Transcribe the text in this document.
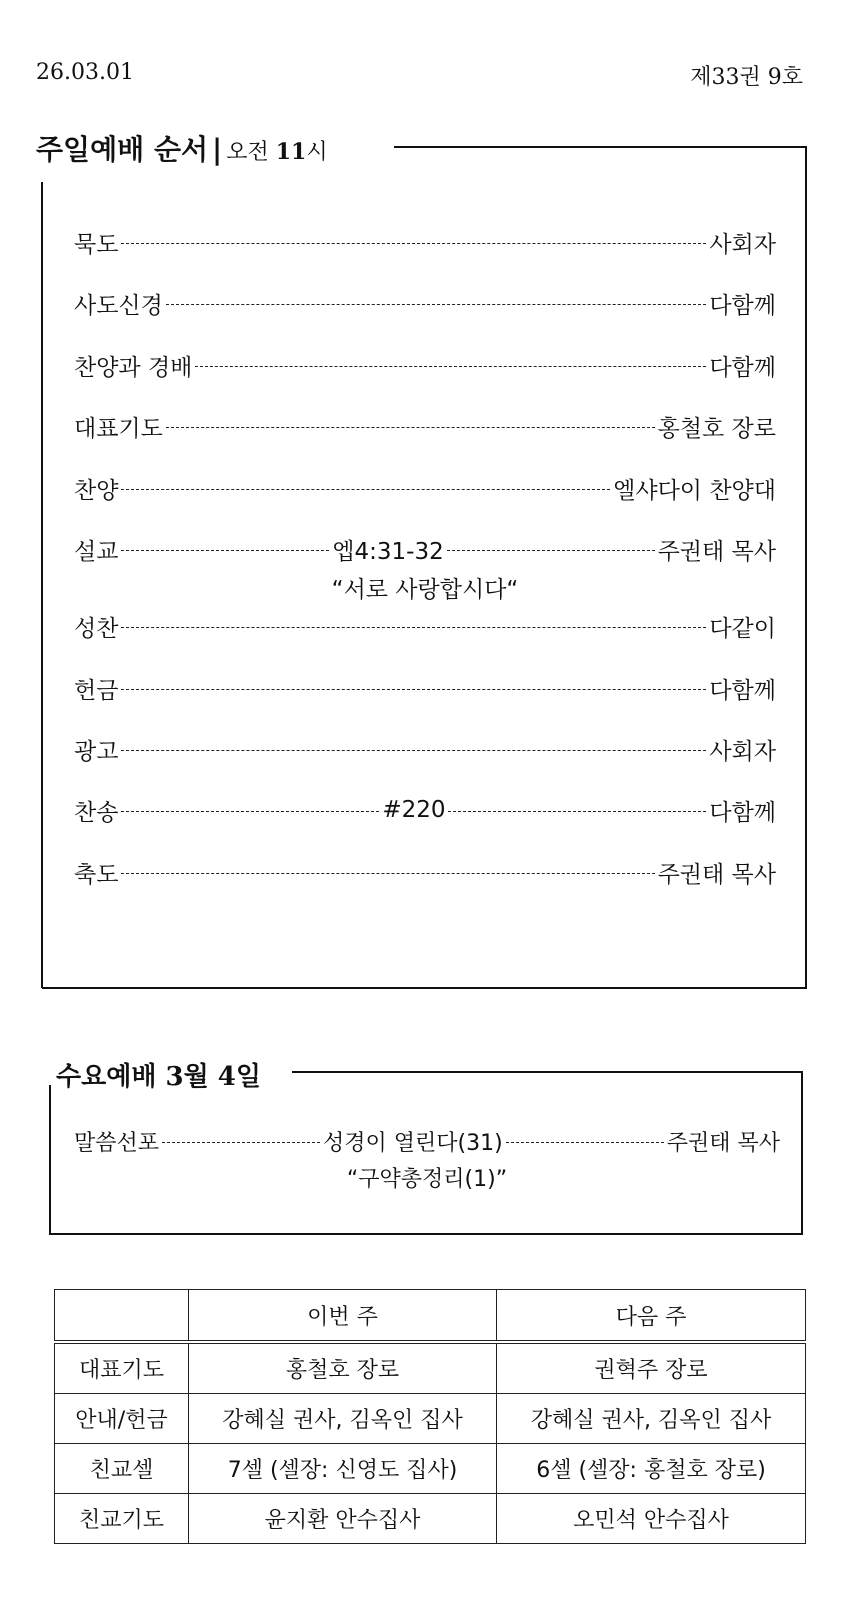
26.03.01	제33권 9호
주일예배 순서 | 오전 11시
묵도	사회자
사도신경	다함께
찬양과 경배	다함께
대표기도	홍철호 장로
찬양	엘샤다이 찬양대
설교	엡4:31-32	주권태 목사
“서로 사랑합시다“
성찬	다같이
헌금	다함께
광고	사회자
찬송	#220	다함께
축도	주권태 목사
수요예배 3월 4일
말씀선포	성경이 열린다(31)	주권태 목사
“구약총정리(1)”
	이번 주	다음 주
대표기도	홍철호 장로	권혁주 장로
안내/헌금	강혜실 권사, 김옥인 집사	강혜실 권사, 김옥인 집사
친교셀	7셀 (셀장: 신영도 집사)	6셀 (셀장: 홍철호 장로)
친교기도	윤지환 안수집사	오민석 안수집사
